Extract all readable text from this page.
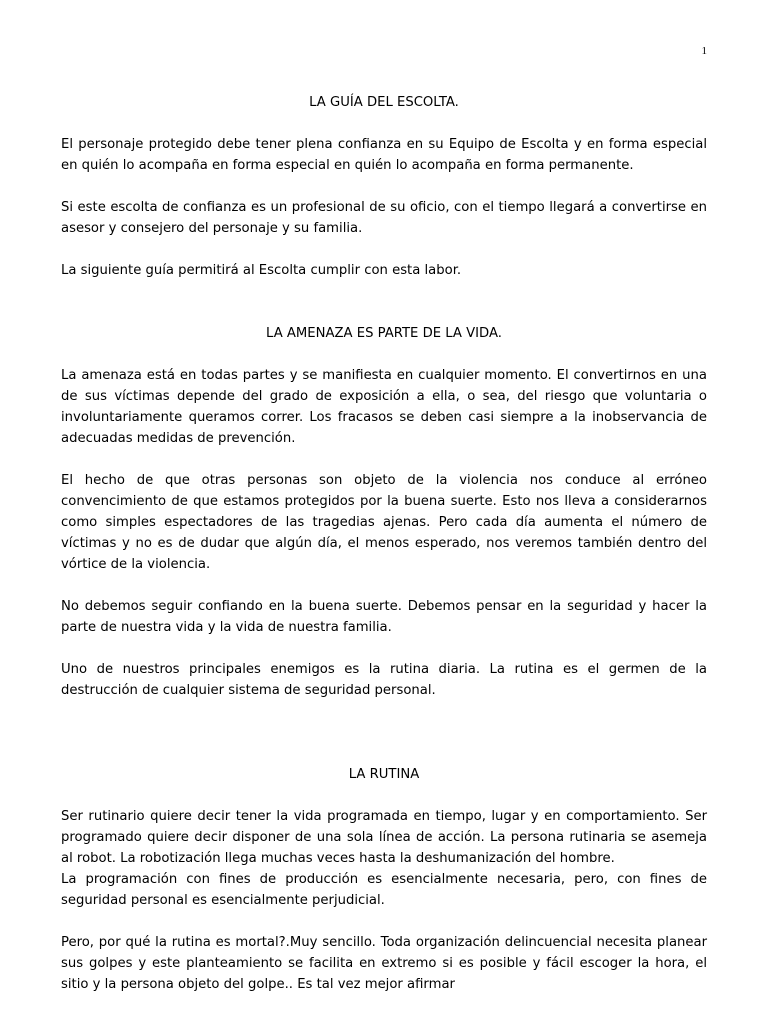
1

LA GUÍA DEL ESCOLTA.

El personaje protegido debe tener plena confianza en su Equipo de Escolta y en forma especial en quién lo acompaña en forma especial en quién lo acompaña en forma permanente.

Si este escolta de confianza es un profesional de su oficio, con el tiempo llegará a convertirse en asesor y consejero del personaje y su familia.

La siguiente guía permitirá al Escolta cumplir con esta labor.

LA AMENAZA ES PARTE DE LA VIDA.

La amenaza está en todas partes y se manifiesta en cualquier momento. El convertirnos en una de sus víctimas depende del grado de exposición a ella, o sea, del riesgo que voluntaria o involuntariamente queramos correr. Los fracasos se deben casi siempre a la inobservancia de adecuadas medidas de prevención.

El hecho de que otras personas son objeto de la violencia nos conduce al erróneo convencimiento de que estamos protegidos por la buena suerte. Esto nos lleva a considerarnos como simples espectadores de las tragedias ajenas. Pero cada día aumenta el número de víctimas y no es de dudar que algún día, el menos esperado, nos veremos también dentro del vórtice de la violencia.

No debemos seguir confiando en la buena suerte. Debemos pensar en la seguridad y hacer la parte de nuestra vida y la vida de nuestra familia.

Uno de nuestros principales enemigos es la rutina diaria. La rutina es el germen de la destrucción de cualquier sistema de seguridad personal.

LA RUTINA

Ser rutinario quiere decir tener la vida programada en tiempo, lugar y en comportamiento. Ser programado quiere decir disponer de una sola línea de acción. La persona rutinaria se asemeja al robot. La robotización llega muchas veces hasta la deshumanización del hombre.

La programación con fines de producción es esencialmente necesaria, pero, con fines de seguridad personal es esencialmente perjudicial.

Pero, por qué la rutina es mortal?.Muy sencillo. Toda organización delincuencial necesita planear sus golpes y este planteamiento se facilita en extremo si es posible y fácil escoger la hora, el sitio y la persona objeto del golpe.. Es tal vez mejor afirmar
